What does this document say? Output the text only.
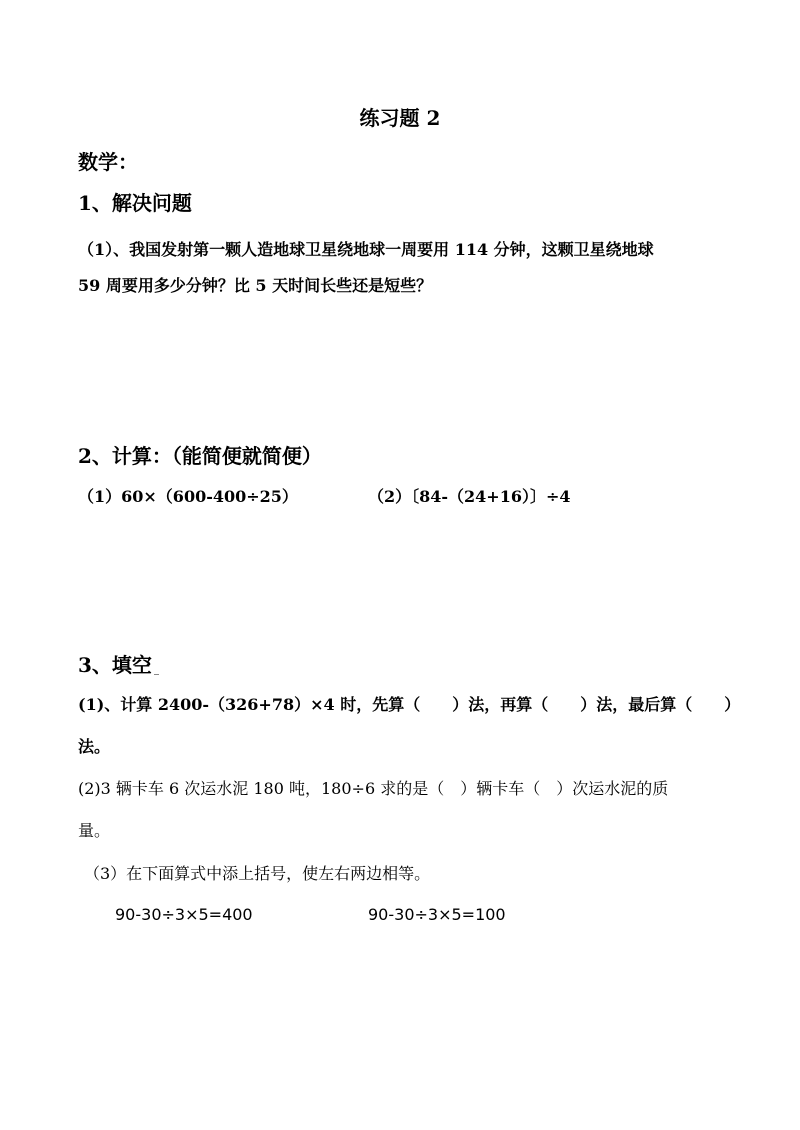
练习题 2
数学：
1、解决问题
（1）、我国发射第一颗人造地球卫星绕地球一周要用 114 分钟，这颗卫星绕地球
59 周要用多少分钟？比 5 天时间长些还是短些？
2、计算：（能简便就简便）
（1）60×（600-400÷25）	（2）〔84-（24+16）〕÷4
3、填空
(1)、计算 2400-（326+78）×4 时，先算（　　）法，再算（　　）法，最后算（　　）
法。
(2)3 辆卡车 6 次运水泥 180 吨，180÷6 求的是（　）辆卡车（　）次运水泥的质
量。
（3）在下面算式中添上括号，使左右两边相等。
90-30÷3×5=400	90-30÷3×5=100
